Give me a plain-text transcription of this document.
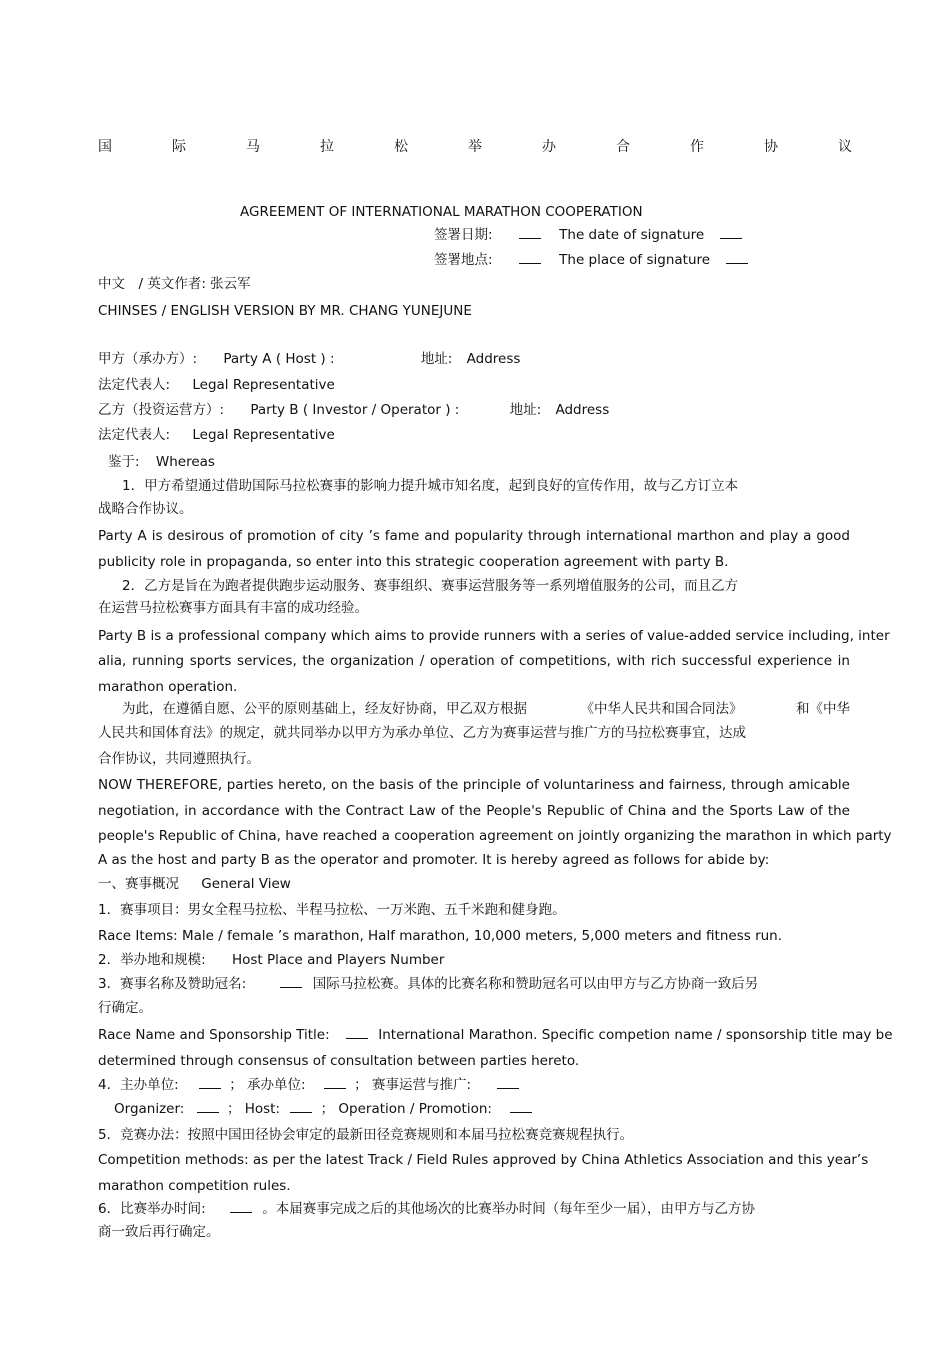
国	际	马	拉	松	举	办	合	作	协	议
AGREEMENT OF INTERNATIONAL MARATHON COOPERATION
签署日期:	The date of signature
签署地点:	The place of signature
中文　/ 英文作者: 张云军
CHINSES / ENGLISH VERSION BY MR. CHANG YUNEJUNE
甲方（承办方）: Party A ( Host ) :	地址: Address
法定代表人: Legal Representative
乙方（投资运营方）: Party B ( Investor / Operator ) :	地址: Address
法定代表人: Legal Representative
鉴于: Whereas
1．甲方希望通过借助国际马拉松赛事的影响力提升城市知名度，起到良好的宣传作用，故与乙方订立本
战略合作协议。
Party A is desirous of promotion of city ’s fame and popularity through international marthon and play a good
publicity role in propaganda, so enter into this strategic cooperation agreement with party B.
2．乙方是旨在为跑者提供跑步运动服务、赛事组织、赛事运营服务等一系列增值服务的公司，而且乙方
在运营马拉松赛事方面具有丰富的成功经验。
Party B is a professional company which aims to provide runners with a series of value-added service including, inter
alia, running sports services, the organization / operation of competitions, with rich successful experience in
marathon operation.
为此，在遵循自愿、公平的原则基础上，经友好协商，甲乙双方根据	《中华人民共和国合同法》	和《中华
人民共和国体育法》的规定，就共同举办以甲方为承办单位、乙方为赛事运营与推广方的马拉松赛事宜，达成
合作协议，共同遵照执行。
NOW THEREFORE, parties hereto, on the basis of the principle of voluntariness and fairness, through amicable
negotiation, in accordance with the Contract Law of the People's Republic of China and the Sports Law of the
people's Republic of China, have reached a cooperation agreement on jointly organizing the marathon in which party
A as the host and party B as the operator and promoter. It is hereby agreed as follows for abide by:
一、赛事概况 General View
1．赛事项目：男女全程马拉松、半程马拉松、一万米跑、五千米跑和健身跑。
Race Items: Male / female ’s marathon, Half marathon, 10,000 meters, 5,000 meters and fitness run.
2．举办地和规模: Host Place and Players Number
3．赛事名称及赞助冠名:	国际马拉松赛。具体的比赛名称和赞助冠名可以由甲方与乙方协商一致后另
行确定。
Race Name and Sponsorship Title:	International Marathon. Specific competion name / sponsorship title may be
determined through consensus of consultation between parties hereto.
4．主办单位:	； 承办单位:	； 赛事运营与推广:
Organizer:	； Host:	； Operation / Promotion:
5．竞赛办法：按照中国田径协会审定的最新田径竞赛规则和本届马拉松赛竞赛规程执行。
Competition methods: as per the latest Track / Field Rules approved by China Athletics Association and this year ’s
marathon competition rules.
6．比赛举办时间:	。本届赛事完成之后的其他场次的比赛举办时间（每年至少一届），由甲方与乙方协
商一致后再行确定。
